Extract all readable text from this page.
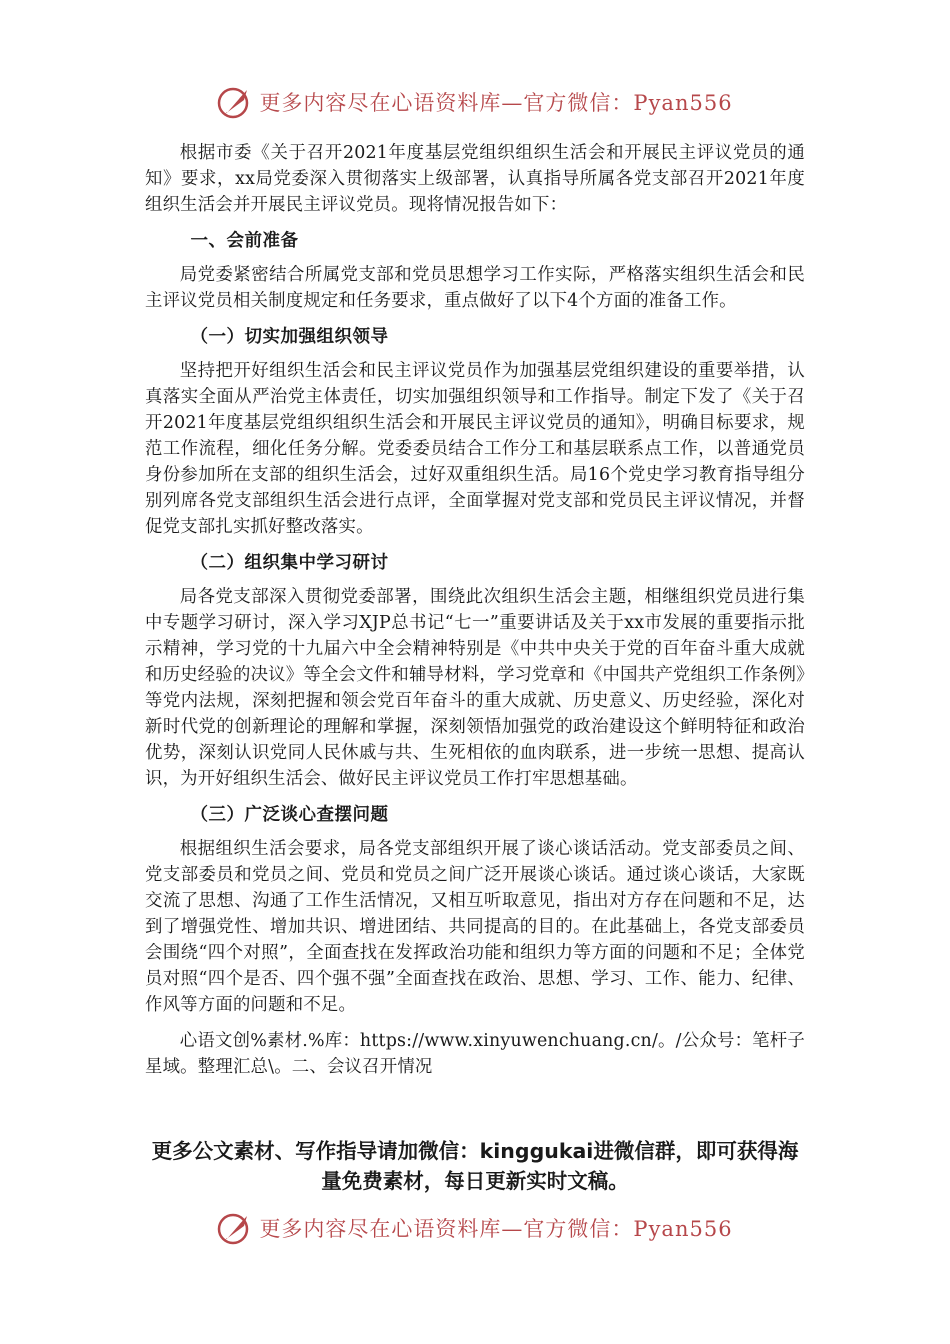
更多内容尽在心语资料库—官方微信：Pyan556

根据市委《关于召开2021年度基层党组织组织生活会和开展民主评议党员的通知》要求，xx局党委深入贯彻落实上级部署，认真指导所属各党支部召开2021年度组织生活会并开展民主评议党员。现将情况报告如下：

一、会前准备

局党委紧密结合所属党支部和党员思想学习工作实际，严格落实组织生活会和民主评议党员相关制度规定和任务要求，重点做好了以下4个方面的准备工作。

（一）切实加强组织领导

坚持把开好组织生活会和民主评议党员作为加强基层党组织建设的重要举措，认真落实全面从严治党主体责任，切实加强组织领导和工作指导。制定下发了《关于召开2021年度基层党组织组织生活会和开展民主评议党员的通知》，明确目标要求，规范工作流程，细化任务分解。党委委员结合工作分工和基层联系点工作，以普通党员身份参加所在支部的组织生活会，过好双重组织生活。局16个党史学习教育指导组分别列席各党支部组织生活会进行点评，全面掌握对党支部和党员民主评议情况，并督促党支部扎实抓好整改落实。

（二）组织集中学习研讨

局各党支部深入贯彻党委部署，围绕此次组织生活会主题，相继组织党员进行集中专题学习研讨，深入学习XJP总书记“七一”重要讲话及关于xx市发展的重要指示批示精神，学习党的十九届六中全会精神特别是《中共中央关于党的百年奋斗重大成就和历史经验的决议》等全会文件和辅导材料，学习党章和《中国共产党组织工作条例》等党内法规，深刻把握和领会党百年奋斗的重大成就、历史意义、历史经验，深化对新时代党的创新理论的理解和掌握，深刻领悟加强党的政治建设这个鲜明特征和政治优势，深刻认识党同人民休戚与共、生死相依的血肉联系，进一步统一思想、提高认识，为开好组织生活会、做好民主评议党员工作打牢思想基础。

（三）广泛谈心查摆问题

根据组织生活会要求，局各党支部组织开展了谈心谈话活动。党支部委员之间、党支部委员和党员之间、党员和党员之间广泛开展谈心谈话。通过谈心谈话，大家既交流了思想、沟通了工作生活情况，又相互听取意见，指出对方存在问题和不足，达到了增强党性、增加共识、增进团结、共同提高的目的。在此基础上，各党支部委员会围绕“四个对照”，全面查找在发挥政治功能和组织力等方面的问题和不足；全体党员对照“四个是否、四个强不强”全面查找在政治、思想、学习、工作、能力、纪律、作风等方面的问题和不足。

心语文创%素材.%库：https://www.xinyuwenchuang.cn/。/公众号：笔杆子星域。整理汇总\。二、会议召开情况

更多公文素材、写作指导请加微信：kinggukai进微信群，即可获得海量免费素材，每日更新实时文稿。
更多内容尽在心语资料库—官方微信：Pyan556
